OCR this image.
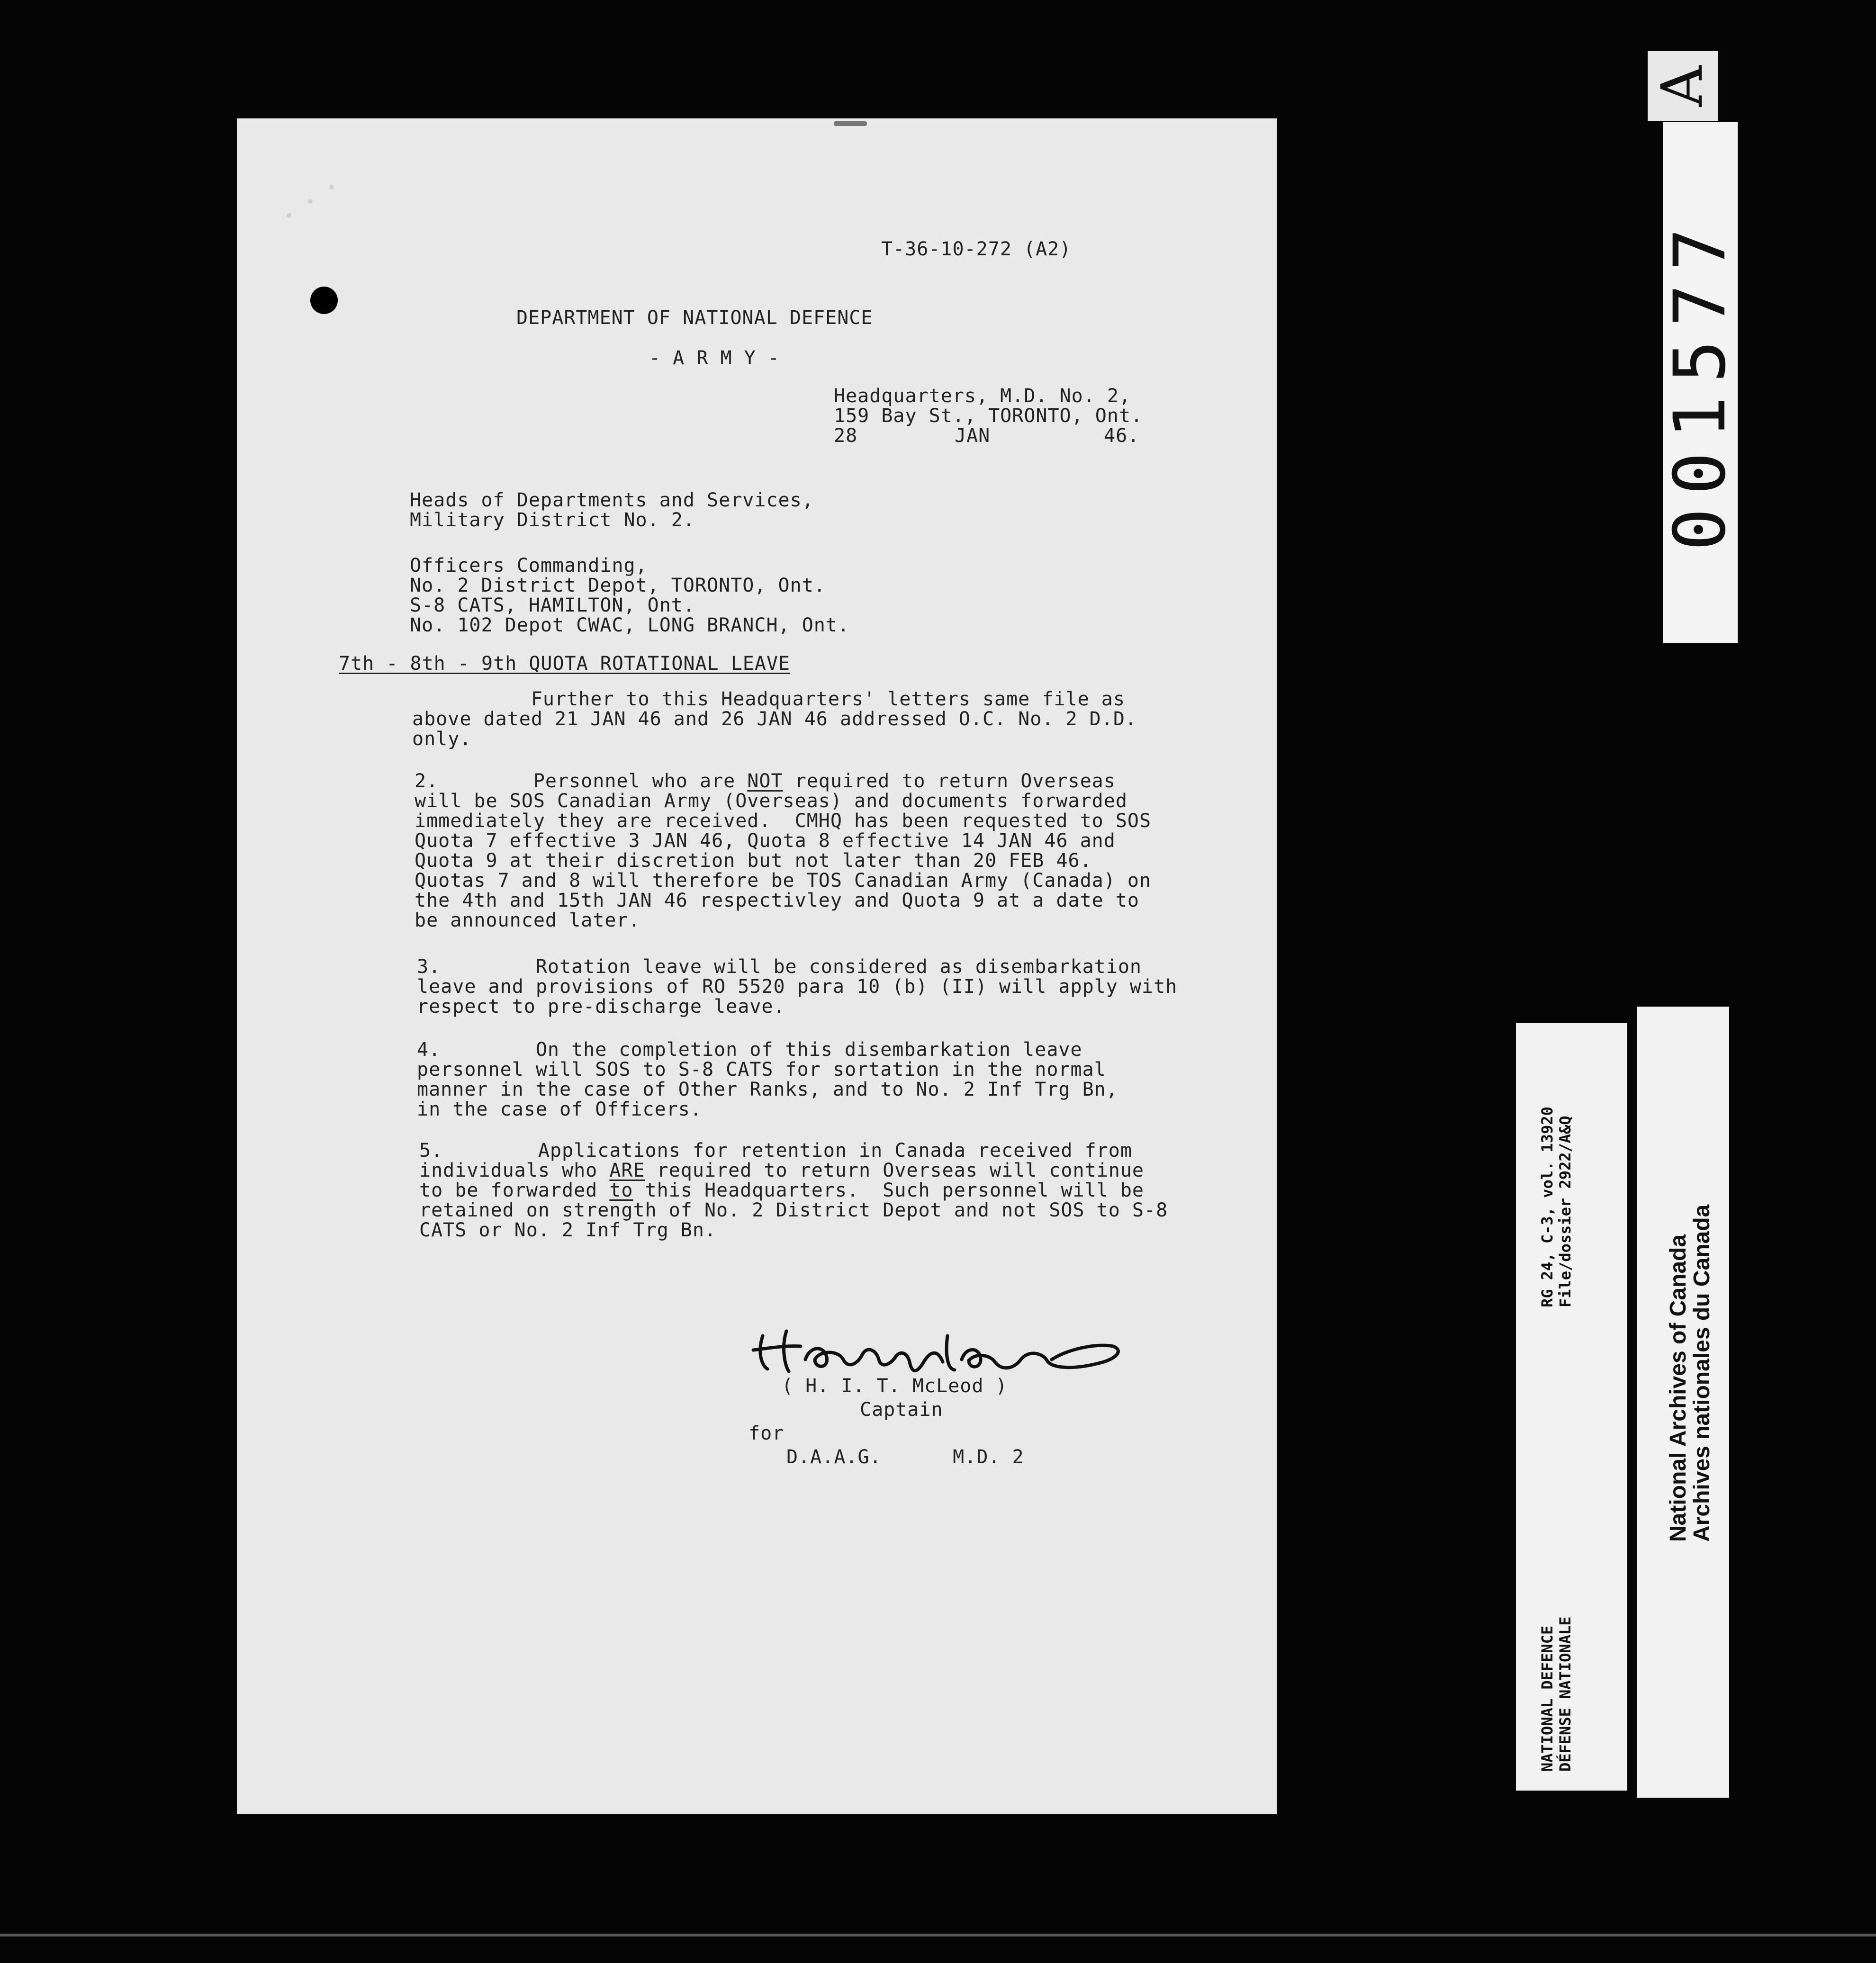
T-36-10-272 (A2)
DEPARTMENT OF NATIONAL DEFENCE
- A R M Y -
Headquarters, M.D. No. 2,
159 Bay St., TORONTO, Ont.
28	JAN	46.
Heads of Departments and Services,
Military District No. 2.
Officers Commanding,
No. 2 District Depot, TORONTO, Ont.
S-8 CATS, HAMILTON, Ont.
No. 102 Depot CWAC, LONG BRANCH, Ont.
7th - 8th - 9th QUOTA ROTATIONAL LEAVE
Further to this Headquarters' letters same file as
above dated 21 JAN 46 and 26 JAN 46 addressed O.C. No. 2 D.D.
only.
2.        Personnel who are NOT required to return Overseas
will be SOS Canadian Army (Overseas) and documents forwarded
immediately they are received.  CMHQ has been requested to SOS
Quota 7 effective 3 JAN 46, Quota 8 effective 14 JAN 46 and
Quota 9 at their discretion but not later than 20 FEB 46.
Quotas 7 and 8 will therefore be TOS Canadian Army (Canada) on
the 4th and 15th JAN 46 respectivley and Quota 9 at a date to
be announced later.
3.        Rotation leave will be considered as disembarkation
leave and provisions of RO 5520 para 10 (b) (II) will apply with
respect to pre-discharge leave.
4.        On the completion of this disembarkation leave
personnel will SOS to S-8 CATS for sortation in the normal
manner in the case of Other Ranks, and to No. 2 Inf Trg Bn,
in the case of Officers.
5.        Applications for retention in Canada received from
individuals who ARE required to return Overseas will continue
to be forwarded to this Headquarters.  Such personnel will be
retained on strength of No. 2 District Depot and not SOS to S-8
CATS or No. 2 Inf Trg Bn.
( H. I. T. McLeod )
Captain
for
D.A.A.G.      M.D. 2
A
001577
RG 24, C-3, vol. 13920 File/dossier 2922/A&Q
NATIONAL DEFENCE DÉFENSE NATIONALE
National Archives of Canada
Archives nationales du Canada
